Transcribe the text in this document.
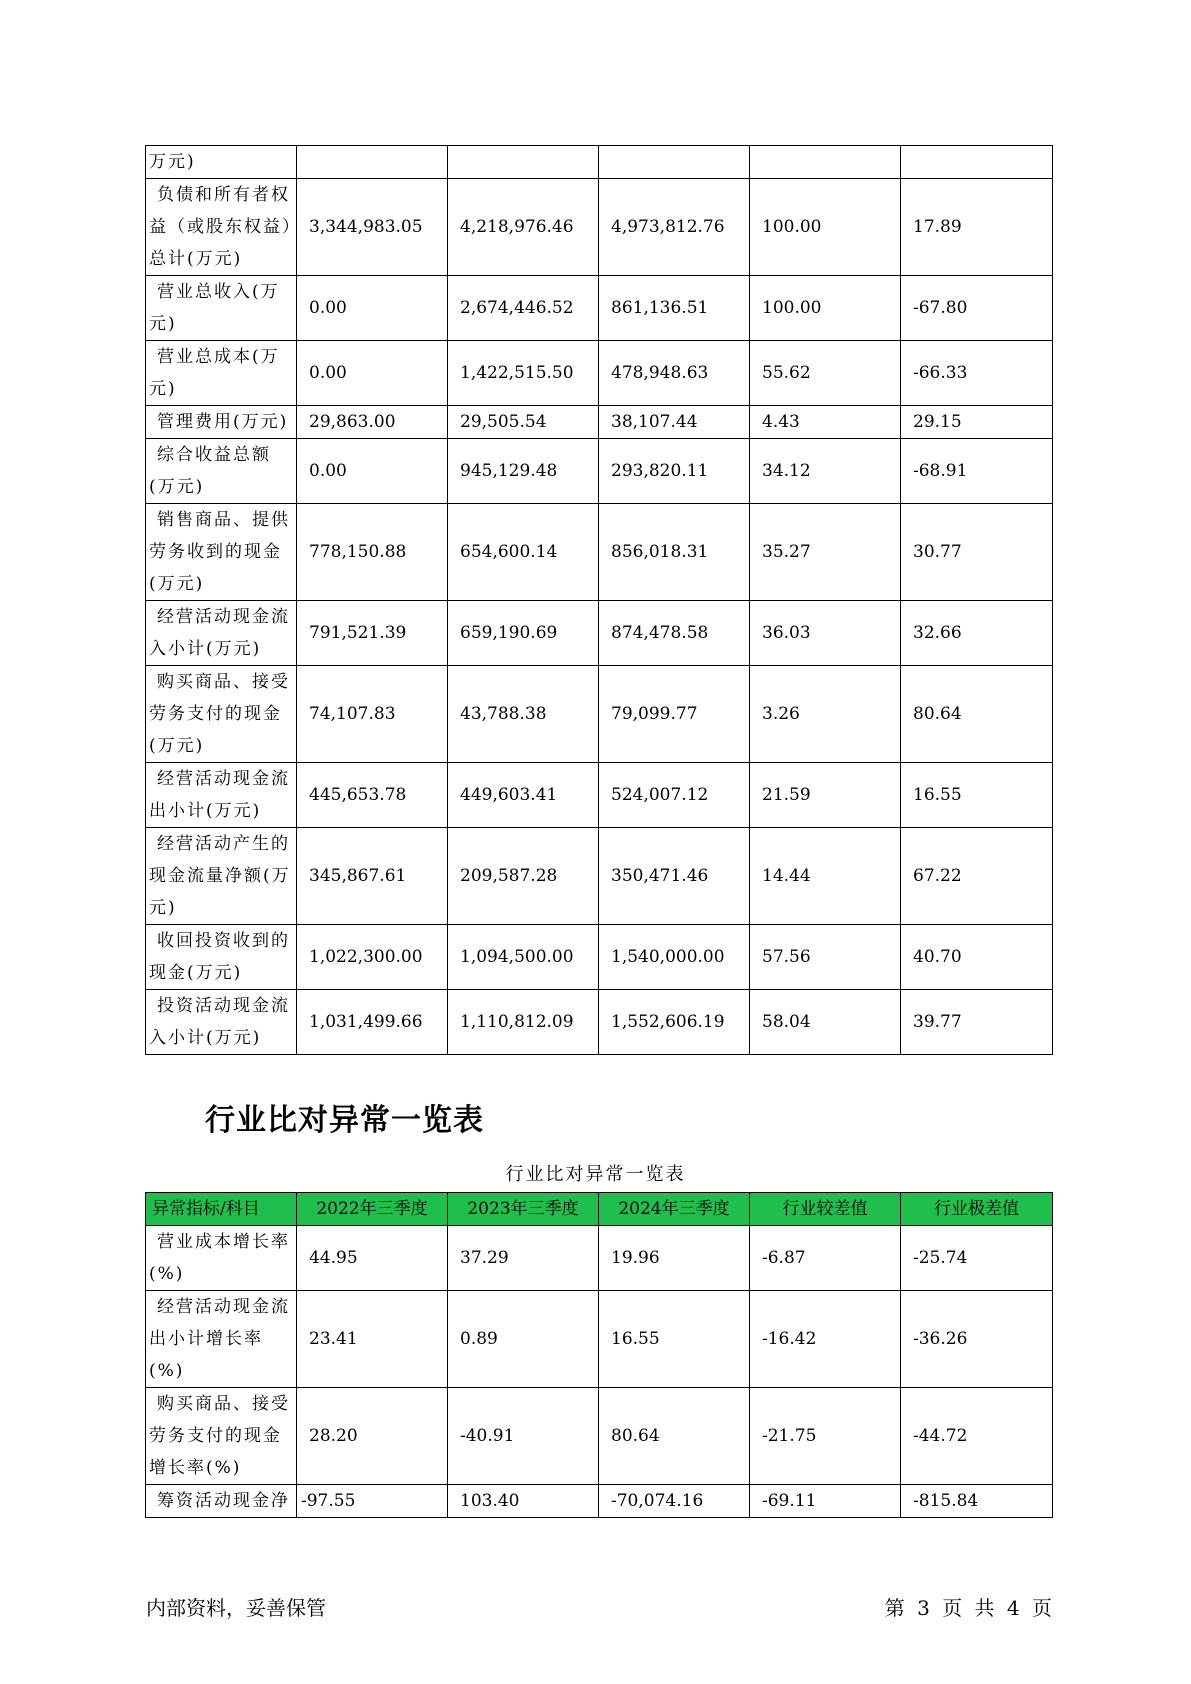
万元)					

负债和所有者权益（或股东权益）总计(万元)	3,344,983.05	4,218,976.46	4,973,812.76	100.00	17.89

营业总收入(万元)	0.00	2,674,446.52	861,136.51	100.00	-67.80

营业总成本(万元)	0.00	1,422,515.50	478,948.63	55.62	-66.33

管理费用(万元)	29,863.00	29,505.54	38,107.44	4.43	29.15

综合收益总额(万元)	0.00	945,129.48	293,820.11	34.12	-68.91

销售商品、提供劳务收到的现金(万元)	778,150.88	654,600.14	856,018.31	35.27	30.77

经营活动现金流入小计(万元)	791,521.39	659,190.69	874,478.58	36.03	32.66

购买商品、接受劳务支付的现金(万元)	74,107.83	43,788.38	79,099.77	3.26	80.64

经营活动现金流出小计(万元)	445,653.78	449,603.41	524,007.12	21.59	16.55

经营活动产生的现金流量净额(万元)	345,867.61	209,587.28	350,471.46	14.44	67.22

收回投资收到的现金(万元)	1,022,300.00	1,094,500.00	1,540,000.00	57.56	40.70

投资活动现金流入小计(万元)	1,031,499.66	1,110,812.09	1,552,606.19	58.04	39.77
行业比对异常一览表
行业比对异常一览表
异常指标/科目	2022年三季度	2023年三季度	2024年三季度	行业较差值	行业极差值

营业成本增长率(%)	44.95	37.29	19.96	-6.87	-25.74

经营活动现金流出小计增长率(%)	23.41	0.89	16.55	-16.42	-36.26

购买商品、接受劳务支付的现金增长率(%)	28.20	-40.91	80.64	-21.75	-44.72

筹资活动现金净	-97.55	103.40	-70,074.16	-69.11	-815.84
内部资料，妥善保管	第 3 页 共 4 页
